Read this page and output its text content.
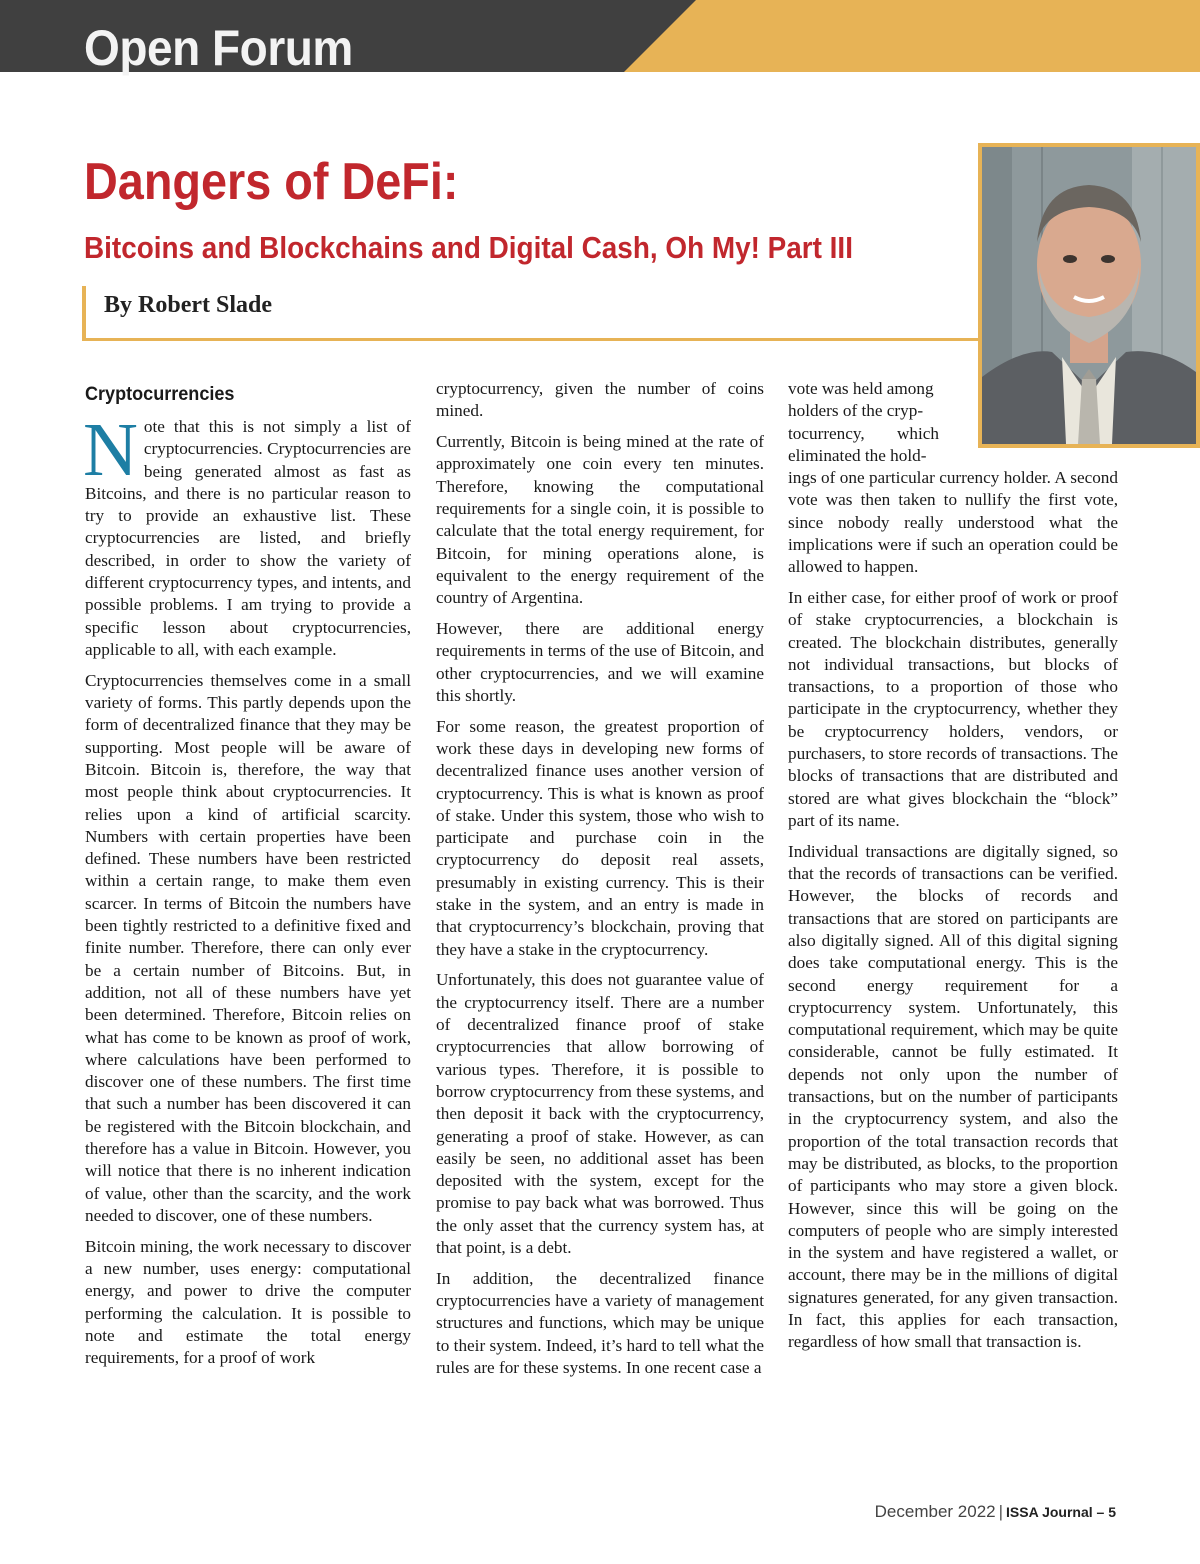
Open Forum
Dangers of DeFi:
Bitcoins and Blockchains and Digital Cash, Oh My! Part III
By Robert Slade
Cryptocurrencies

Note that this is not simply a list of cryptocurrencies. Cryptocurrencies are being generated almost as fast as Bitcoins, and there is no particular reason to try to provide an exhaustive list. These cryptocurrencies are listed, and briefly described, in order to show the variety of different cryptocurrency types, and intents, and possible problems. I am trying to provide a specific lesson about cryptocurrencies, applicable to all, with each example.

Cryptocurrencies themselves come in a small variety of forms. This partly depends upon the form of decentralized finance that they may be supporting. Most people will be aware of Bitcoin. Bitcoin is, therefore, the way that most people think about cryptocurrencies. It relies upon a kind of artificial scarcity. Numbers with certain properties have been defined. These numbers have been restricted within a certain range, to make them even scarcer. In terms of Bitcoin the numbers have been tightly restricted to a definitive fixed and finite number. Therefore, there can only ever be a certain number of Bitcoins. But, in addition, not all of these numbers have yet been determined. Therefore, Bitcoin relies on what has come to be known as proof of work, where calculations have been performed to discover one of these numbers. The first time that such a number has been discovered it can be registered with the Bitcoin blockchain, and therefore has a value in Bitcoin. However, you will notice that there is no inherent indication of value, other than the scarcity, and the work needed to discover, one of these numbers.

Bitcoin mining, the work necessary to discover a new number, uses energy: computational energy, and power to drive the computer performing the calculation. It is possible to note and estimate the total energy requirements, for a proof of work

cryptocurrency, given the number of coins mined.

Currently, Bitcoin is being mined at the rate of approximately one coin every ten minutes. Therefore, knowing the computational requirements for a single coin, it is possible to calculate that the total energy requirement, for Bitcoin, for mining operations alone, is equivalent to the energy requirement of the country of Argentina.

However, there are additional energy requirements in terms of the use of Bitcoin, and other cryptocurrencies, and we will examine this shortly.

For some reason, the greatest proportion of work these days in developing new forms of decentralized finance uses another version of cryptocurrency. This is what is known as proof of stake. Under this system, those who wish to participate and purchase coin in the cryptocurrency do deposit real assets, presumably in existing currency. This is their stake in the system, and an entry is made in that cryptocurrency’s blockchain, proving that they have a stake in the cryptocurrency.

Unfortunately, this does not guarantee value of the cryptocurrency itself. There are a number of decentralized finance proof of stake cryptocurrencies that allow borrowing of various types. Therefore, it is possible to borrow cryptocurrency from these systems, and then deposit it back with the cryptocurrency, generating a proof of stake. However, as can easily be seen, no additional asset has been deposited with the system, except for the promise to pay back what was borrowed. Thus the only asset that the currency system has, at that point, is a debt.

In addition, the decentralized finance cryptocurrencies have a variety of management structures and functions, which may be unique to their system. Indeed, it’s hard to tell what the rules are for these systems. In one recent case a

vote was held among
holders of the cryp-
tocurrency, which
eliminated the hold-

ings of one particular currency holder. A second vote was then taken to nullify the first vote, since nobody really understood what the implications were if such an operation could be allowed to happen.

In either case, for either proof of work or proof of stake cryptocurrencies, a blockchain is created. The blockchain distributes, generally not individual transactions, but blocks of transactions, to a proportion of those who participate in the cryptocurrency, whether they be cryptocurrency holders, vendors, or purchasers, to store records of transactions. The blocks of transactions that are distributed and stored are what gives blockchain the “block” part of its name.

Individual transactions are digitally signed, so that the records of transactions can be verified. However, the blocks of records and transactions that are stored on participants are also digitally signed. All of this digital signing does take computational energy. This is the second energy requirement for a cryptocurrency system. Unfortunately, this computational requirement, which may be quite considerable, cannot be fully estimated. It depends not only upon the number of transactions, but on the number of participants in the cryptocurrency system, and also the proportion of the total transaction records that may be distributed, as blocks, to the proportion of participants who may store a given block. However, since this will be going on the computers of people who are simply interested in the system and have registered a wallet, or account, there may be in the millions of digital signatures generated, for any given transaction. In fact, this applies for each transaction, regardless of how small that transaction is.

December 2022 | ISSA Journal – 5
